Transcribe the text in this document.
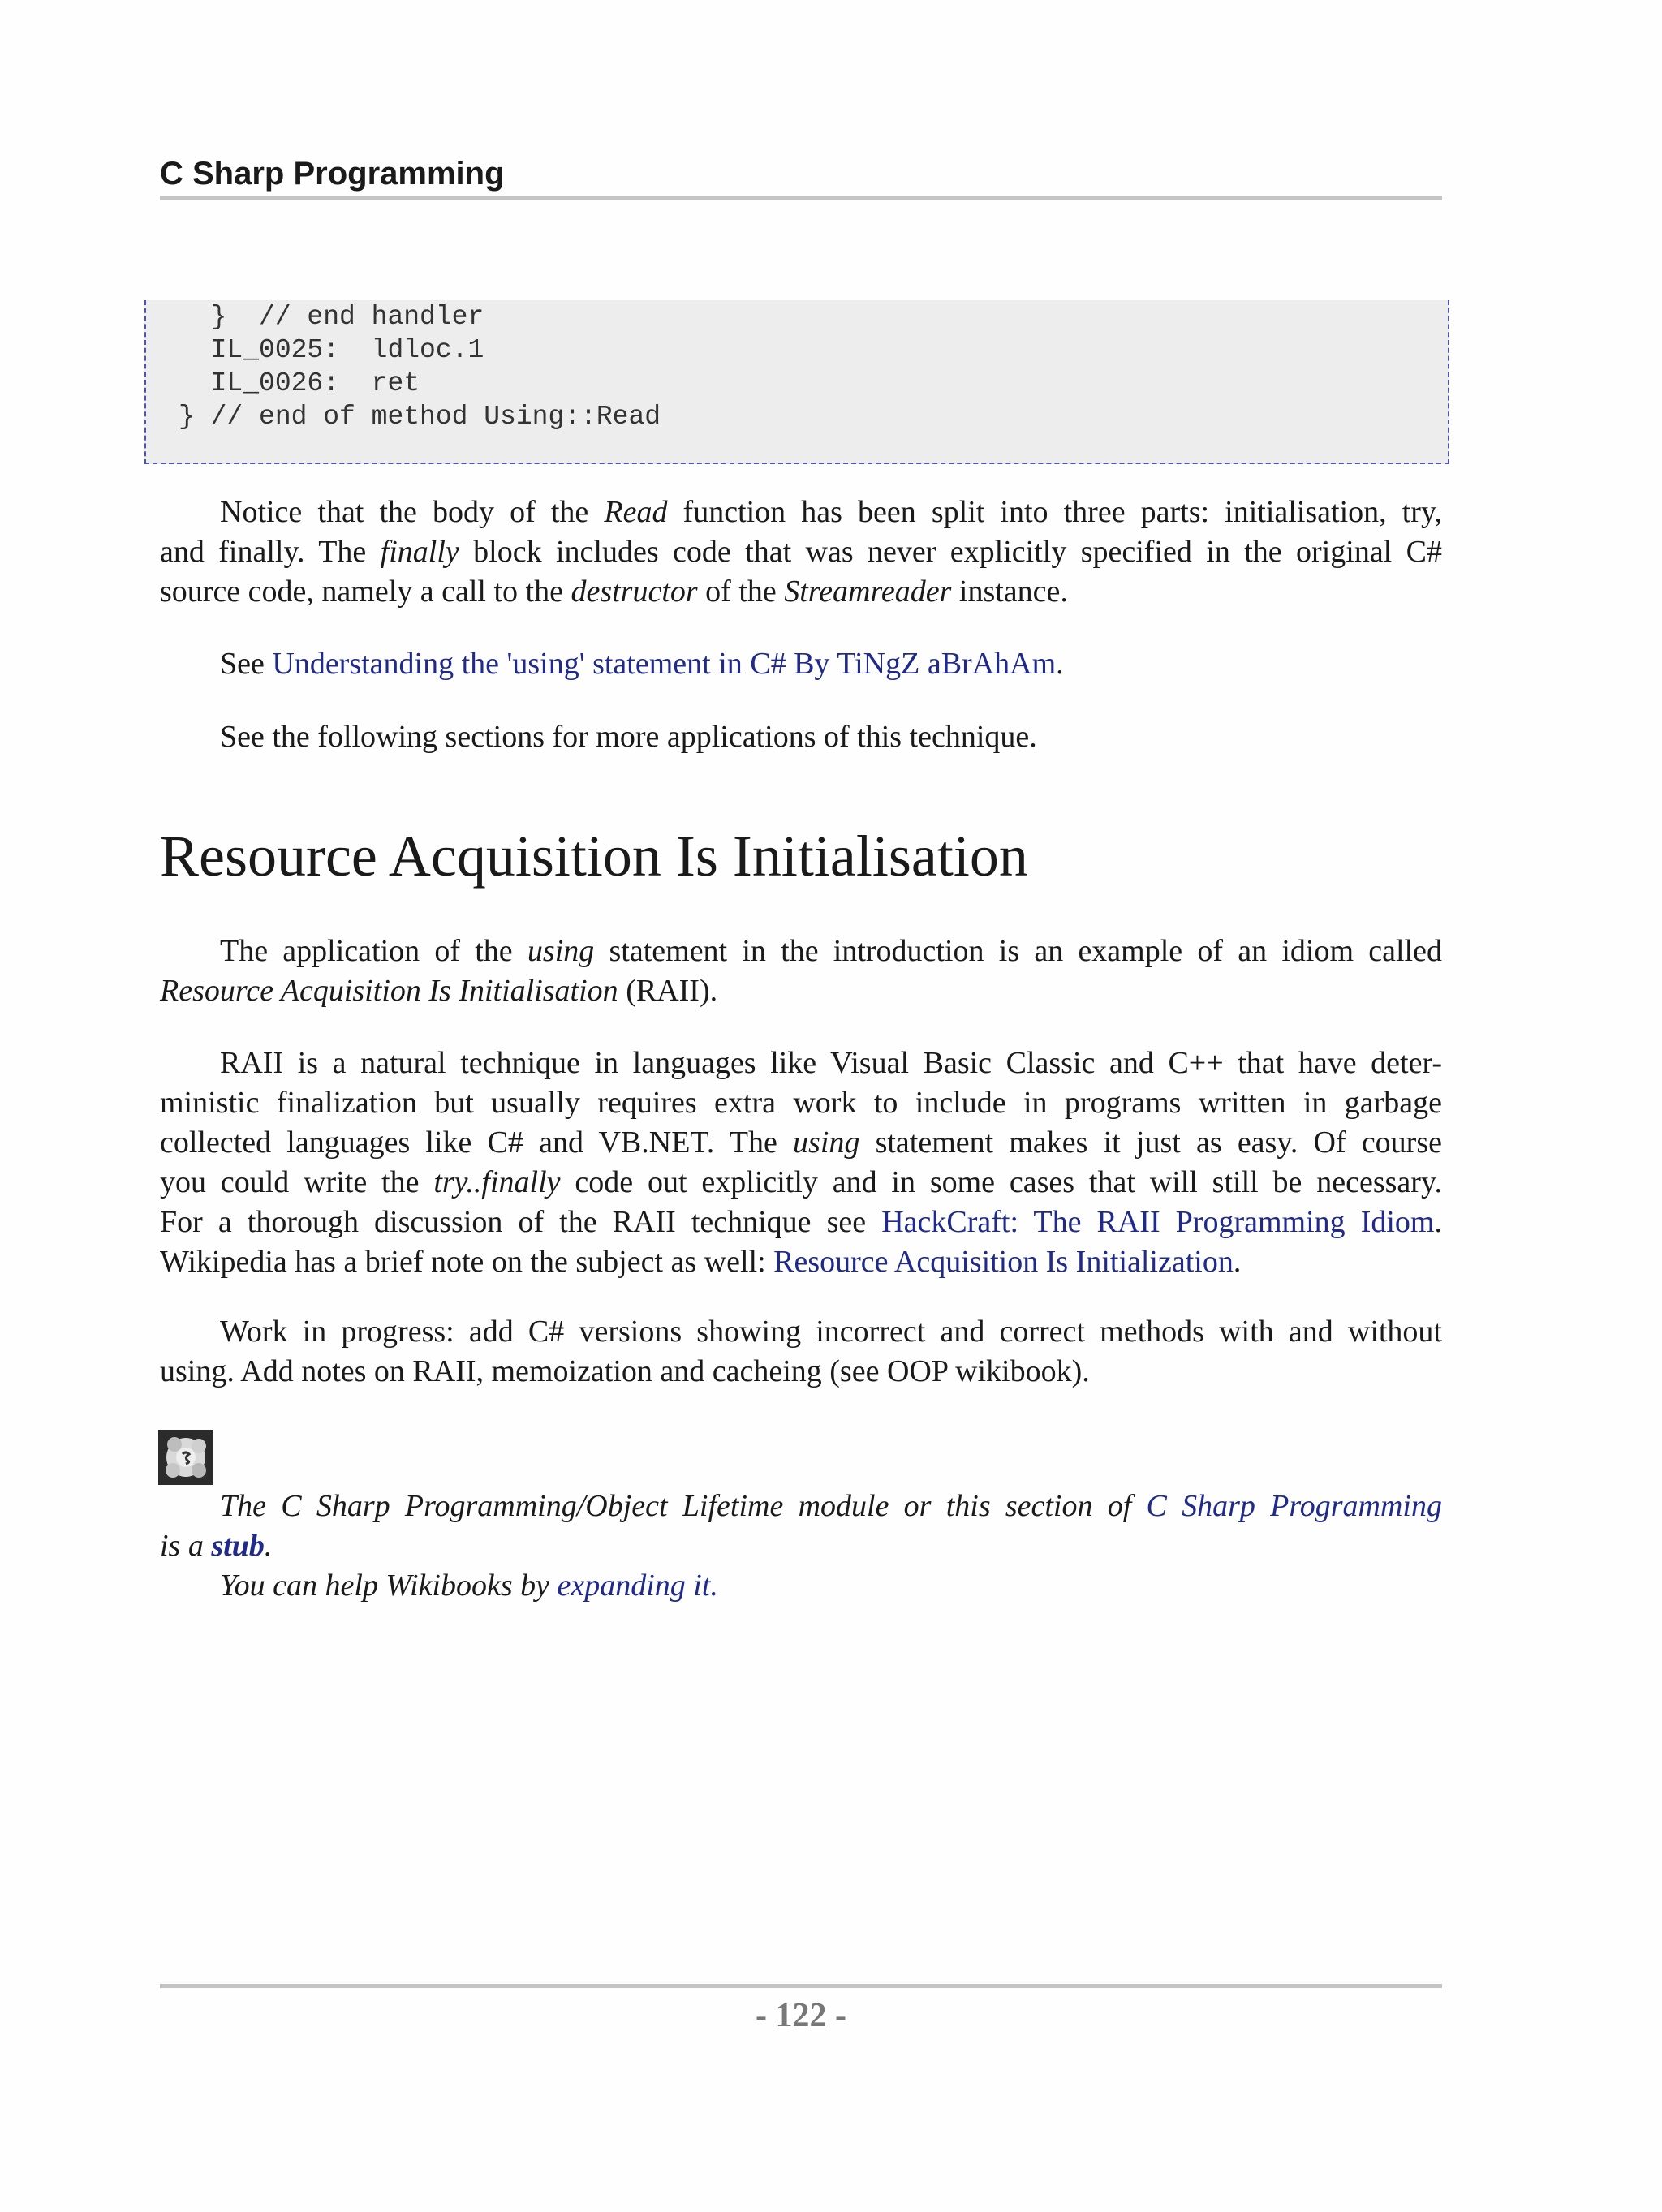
C Sharp Programming
}  // end handler
IL_0025:  ldloc.1
IL_0026:  ret
} // end of method Using::Read
Notice that the body of the Read function has been split into three parts: initialisation, try,
and finally. The finally block includes code that was never explicitly specified in the original C#
source code, namely a call to the destructor of the Streamreader instance.
See Understanding the 'using' statement in C# By TiNgZ aBrAhAm.
See the following sections for more applications of this technique.
Resource Acquisition Is Initialisation
The application of the using statement in the introduction is an example of an idiom called
Resource Acquisition Is Initialisation (RAII).
RAII is a natural technique in languages like Visual Basic Classic and C++ that have deter-
ministic finalization but usually requires extra work to include in programs written in garbage
collected languages like C# and VB.NET. The using statement makes it just as easy. Of course
you could write the try..finally code out explicitly and in some cases that will still be necessary.
For a thorough discussion of the RAII technique see HackCraft: The RAII Programming Idiom.
Wikipedia has a brief note on the subject as well: Resource Acquisition Is Initialization.
Work in progress: add C# versions showing incorrect and correct methods with and without
using. Add notes on RAII, memoization and cacheing (see OOP wikibook).
The C Sharp Programming/Object Lifetime module or this section of C Sharp Programming
is a stub.
You can help Wikibooks by expanding it.
- 122 -
